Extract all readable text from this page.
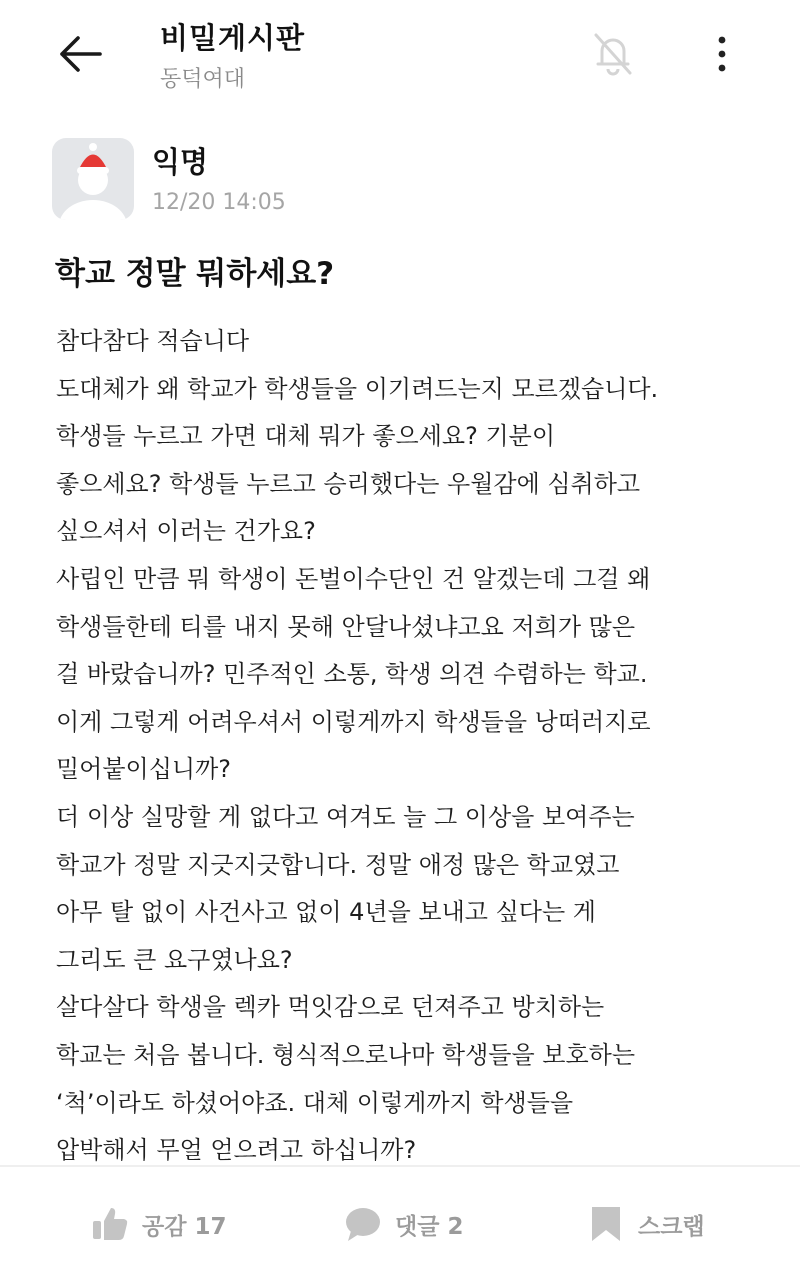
비밀게시판
동덕여대
익명
12/20 14:05
학교 정말 뭐하세요?
참다참다 적습니다
도대체가 왜 학교가 학생들을 이기려드는지 모르겠습니다.
학생들 누르고 가면 대체 뭐가 좋으세요? 기분이
좋으세요? 학생들 누르고 승리했다는 우월감에 심취하고
싶으셔서 이러는 건가요?
사립인 만큼 뭐 학생이 돈벌이수단인 건 알겠는데 그걸 왜
학생들한테 티를 내지 못해 안달나셨냐고요 저희가 많은
걸 바랐습니까? 민주적인 소통, 학생 의견 수렴하는 학교.
이게 그렇게 어려우셔서 이렇게까지 학생들을 낭떠러지로
밀어붙이십니까?
더 이상 실망할 게 없다고 여겨도 늘 그 이상을 보여주는
학교가 정말 지긋지긋합니다. 정말 애정 많은 학교였고
아무 탈 없이 사건사고 없이 4년을 보내고 싶다는 게
그리도 큰 요구였나요?
살다살다 학생을 렉카 먹잇감으로 던져주고 방치하는
학교는 처음 봅니다. 형식적으로나마 학생들을 보호하는
‘척’이라도 하셨어야죠. 대체 이렇게까지 학생들을
압박해서 무얼 얻으려고 하십니까?
공감 17	댓글 2	스크랩
